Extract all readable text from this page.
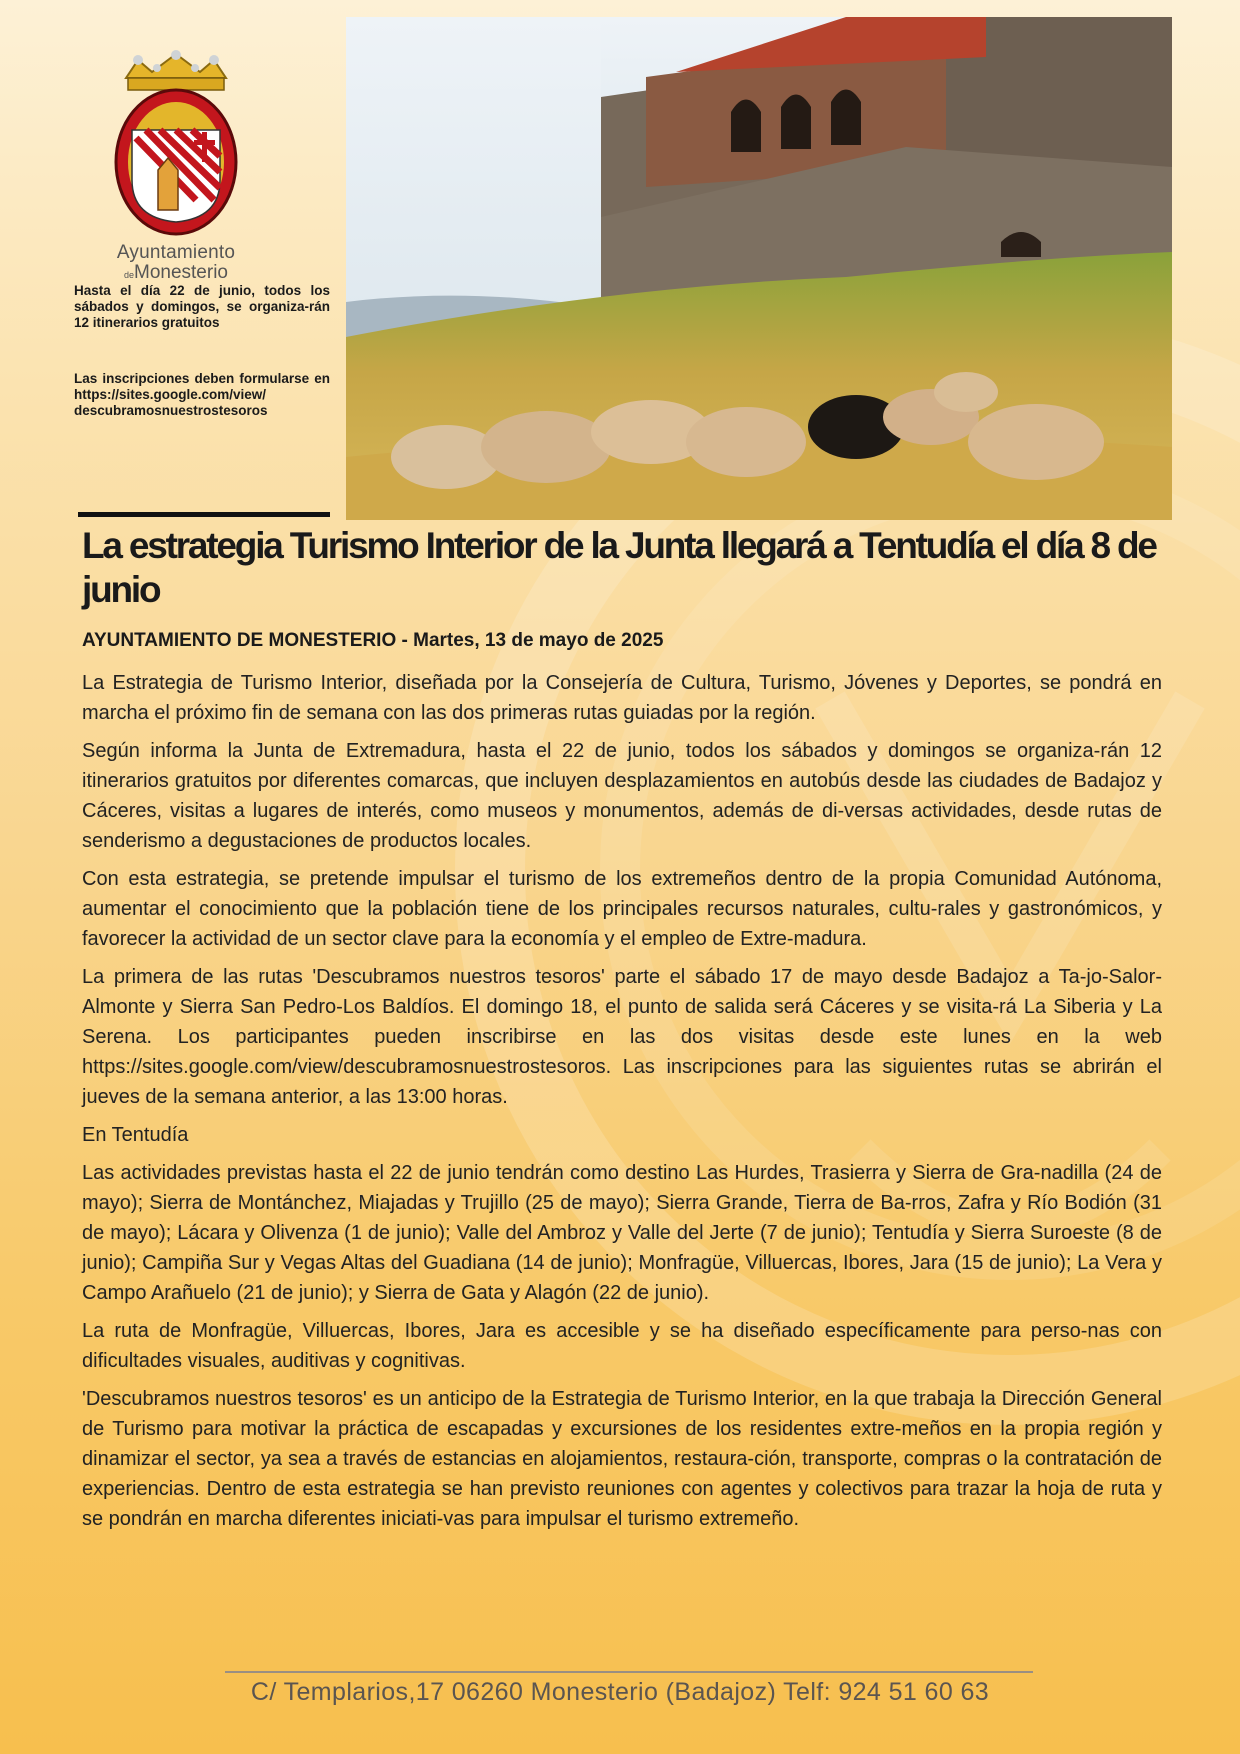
Ayuntamiento
deMonesterio

Hasta el día 22 de junio, todos los sábados y domingos, se organiza-rán 12 itinerarios gratuitos

Las inscripciones deben formularse en https://sites.google.com/view/ descubramosnuestrostesoros

La estrategia Turismo Interior de la Junta llegará a Tentudía el día 8 de junio

AYUNTAMIENTO DE MONESTERIO - Martes, 13 de mayo de 2025

La Estrategia de Turismo Interior, diseñada por la Consejería de Cultura, Turismo, Jóvenes y Deportes, se pondrá en marcha el próximo fin de semana con las dos primeras rutas guiadas por la región.

Según informa la Junta de Extremadura, hasta el 22 de junio, todos los sábados y domingos se organiza-rán 12 itinerarios gratuitos por diferentes comarcas, que incluyen desplazamientos en autobús desde las ciudades de Badajoz y Cáceres, visitas a lugares de interés, como museos y monumentos, además de di-versas actividades, desde rutas de senderismo a degustaciones de productos locales.

Con esta estrategia, se pretende impulsar el turismo de los extremeños dentro de la propia Comunidad Autónoma, aumentar el conocimiento que la población tiene de los principales recursos naturales, cultu-rales y gastronómicos, y favorecer la actividad de un sector clave para la economía y el empleo de Extre-madura.

La primera de las rutas 'Descubramos nuestros tesoros' parte el sábado 17 de mayo desde Badajoz a Ta-jo-Salor-Almonte y Sierra San Pedro-Los Baldíos. El domingo 18, el punto de salida será Cáceres y se visita-rá La Siberia y La Serena. Los participantes pueden inscribirse en las dos visitas desde este lunes en la web https://sites.google.com/view/descubramosnuestrostesoros. Las inscripciones para las siguientes rutas se abrirán el jueves de la semana anterior, a las 13:00 horas.

En Tentudía

Las actividades previstas hasta el 22 de junio tendrán como destino Las Hurdes, Trasierra y Sierra de Gra-nadilla (24 de mayo); Sierra de Montánchez, Miajadas y Trujillo (25 de mayo); Sierra Grande, Tierra de Ba-rros, Zafra y Río Bodión (31 de mayo); Lácara y Olivenza (1 de junio); Valle del Ambroz y Valle del Jerte (7 de junio); Tentudía y Sierra Suroeste (8 de junio); Campiña Sur y Vegas Altas del Guadiana (14 de junio); Monfragüe, Villuercas, Ibores, Jara (15 de junio); La Vera y Campo Arañuelo (21 de junio); y Sierra de Gata y Alagón (22 de junio).

La ruta de Monfragüe, Villuercas, Ibores, Jara es accesible y se ha diseñado específicamente para perso-nas con dificultades visuales, auditivas y cognitivas.

'Descubramos nuestros tesoros' es un anticipo de la Estrategia de Turismo Interior, en la que trabaja la Dirección General de Turismo para motivar la práctica de escapadas y excursiones de los residentes extre-meños en la propia región y dinamizar el sector, ya sea a través de estancias en alojamientos, restaura-ción, transporte, compras o la contratación de experiencias. Dentro de esta estrategia se han previsto reuniones con agentes y colectivos para trazar la hoja de ruta y se pondrán en marcha diferentes iniciati-vas para impulsar el turismo extremeño.

C/ Templarios,17 06260 Monesterio (Badajoz) Telf: 924 51 60 63
